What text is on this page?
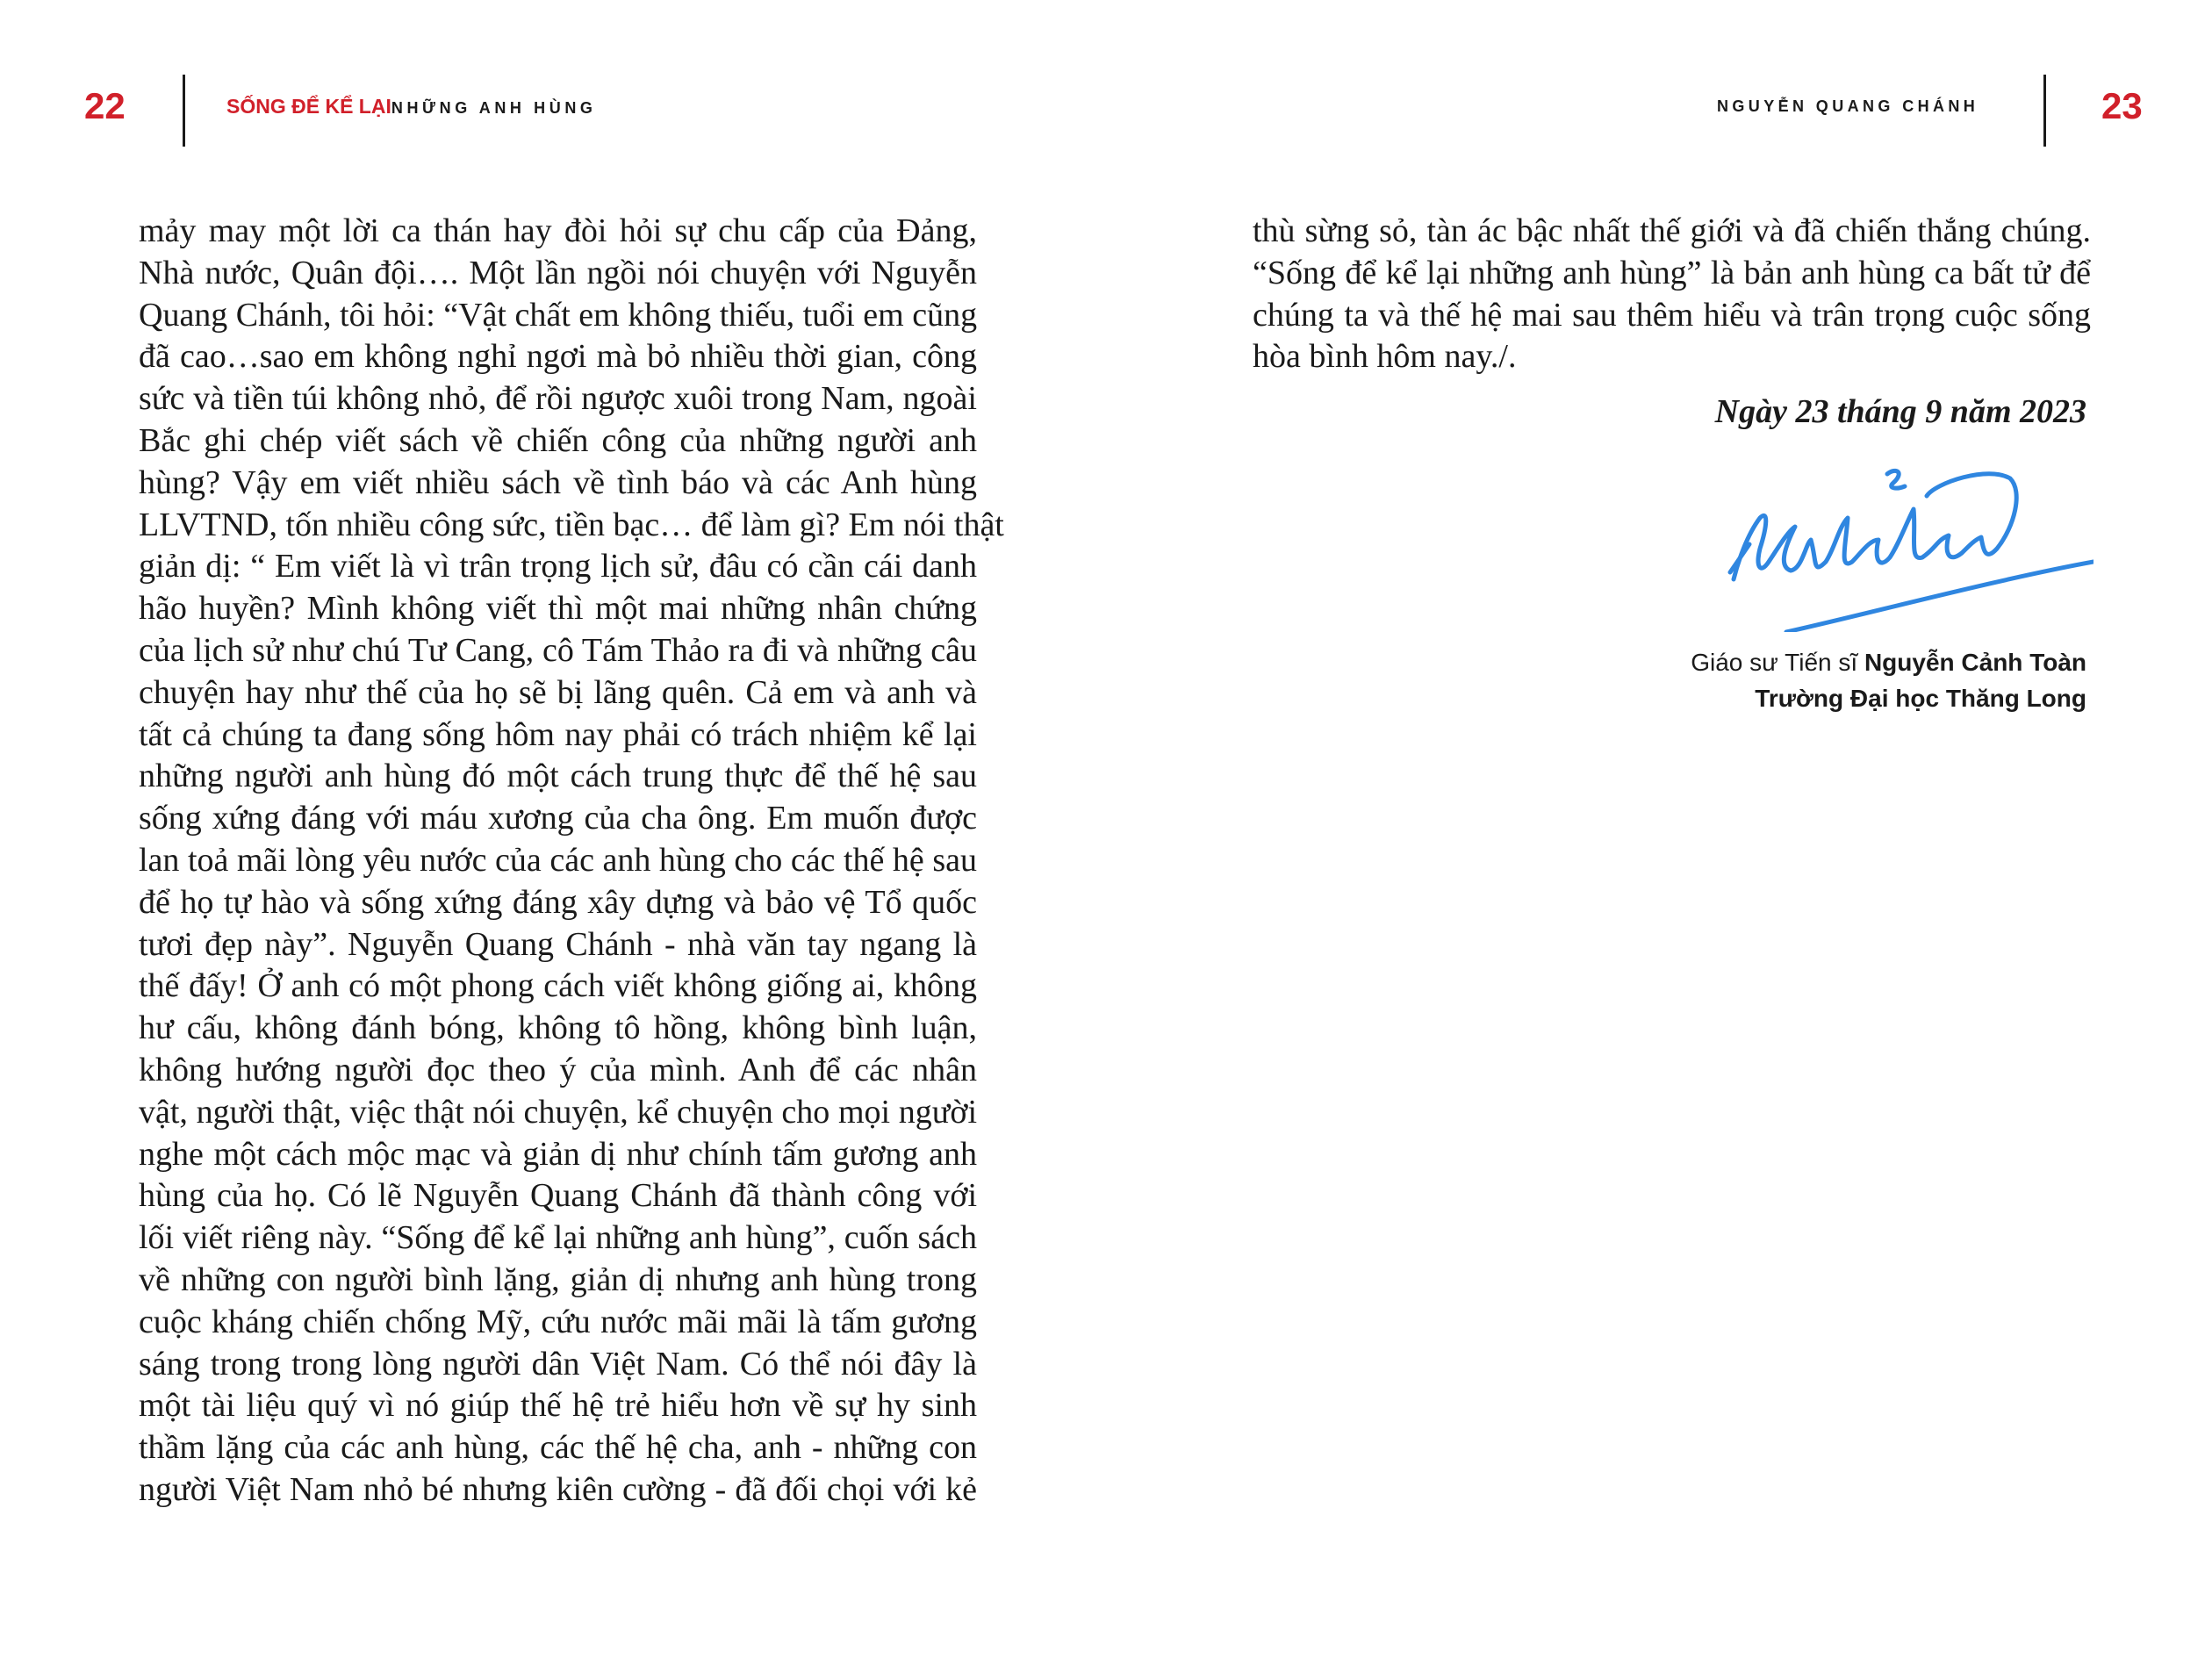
22	SỐNG ĐỂ KỂ LẠINHỮNG ANH HÙNG	NGUYỄN QUANG CHÁNH	23
mảy may một lời ca thán hay đòi hỏi sự chu cấp của Đảng,
Nhà nước, Quân đội…. Một lần ngồi nói chuyện với Nguyễn
Quang Chánh, tôi hỏi: “Vật chất em không thiếu, tuổi em cũng
đã cao…sao em không nghỉ ngơi mà bỏ nhiều thời gian, công
sức và tiền túi không nhỏ, để rồi ngược xuôi trong Nam, ngoài
Bắc ghi chép viết sách về chiến công của những người anh
hùng? Vậy em viết nhiều sách về tình báo và các Anh hùng
LLVTND, tốn nhiều công sức, tiền bạc… để làm gì? Em nói thật
giản dị: “ Em viết là vì trân trọng lịch sử, đâu có cần cái danh
hão huyền? Mình không viết thì một mai những nhân chứng
của lịch sử như chú Tư Cang, cô Tám Thảo ra đi và những câu
chuyện hay như thế của họ sẽ bị lãng quên. Cả em và anh và
tất cả chúng ta đang sống hôm nay phải có trách nhiệm kể lại
những người anh hùng đó một cách trung thực để thế hệ sau
sống xứng đáng với máu xương của cha ông. Em muốn được
lan toả mãi lòng yêu nước của các anh hùng cho các thế hệ sau
để họ tự hào và sống xứng đáng xây dựng và bảo vệ Tổ quốc
tươi đẹp này”. Nguyễn Quang Chánh - nhà văn tay ngang là
thế đấy! Ở anh có một phong cách viết không giống ai, không
hư cấu, không đánh bóng, không tô hồng, không bình luận,
không hướng người đọc theo ý của mình. Anh để các nhân
vật, người thật, việc thật nói chuyện, kể chuyện cho mọi người
nghe một cách mộc mạc và giản dị như chính tấm gương anh
hùng của họ. Có lẽ Nguyễn Quang Chánh đã thành công với
lối viết riêng này. “Sống để kể lại những anh hùng”, cuốn sách
về những con người bình lặng, giản dị nhưng anh hùng trong
cuộc kháng chiến chống Mỹ, cứu nước mãi mãi là tấm gương
sáng trong trong lòng người dân Việt Nam. Có thể nói đây là
một tài liệu quý vì nó giúp thế hệ trẻ hiểu hơn về sự hy sinh
thầm lặng của các anh hùng, các thế hệ cha, anh - những con
người Việt Nam nhỏ bé nhưng kiên cường - đã đối chọi với kẻ
thù sừng sỏ, tàn ác bậc nhất thế giới và đã chiến thắng chúng.
“Sống để kể lại những anh hùng” là bản anh hùng ca bất tử để
chúng ta và thế hệ mai sau thêm hiểu và trân trọng cuộc sống
hòa bình hôm nay./.
Ngày 23 tháng 9 năm 2023
Giáo sư Tiến sĩ Nguyễn Cảnh Toàn
Trường Đại học Thăng Long
